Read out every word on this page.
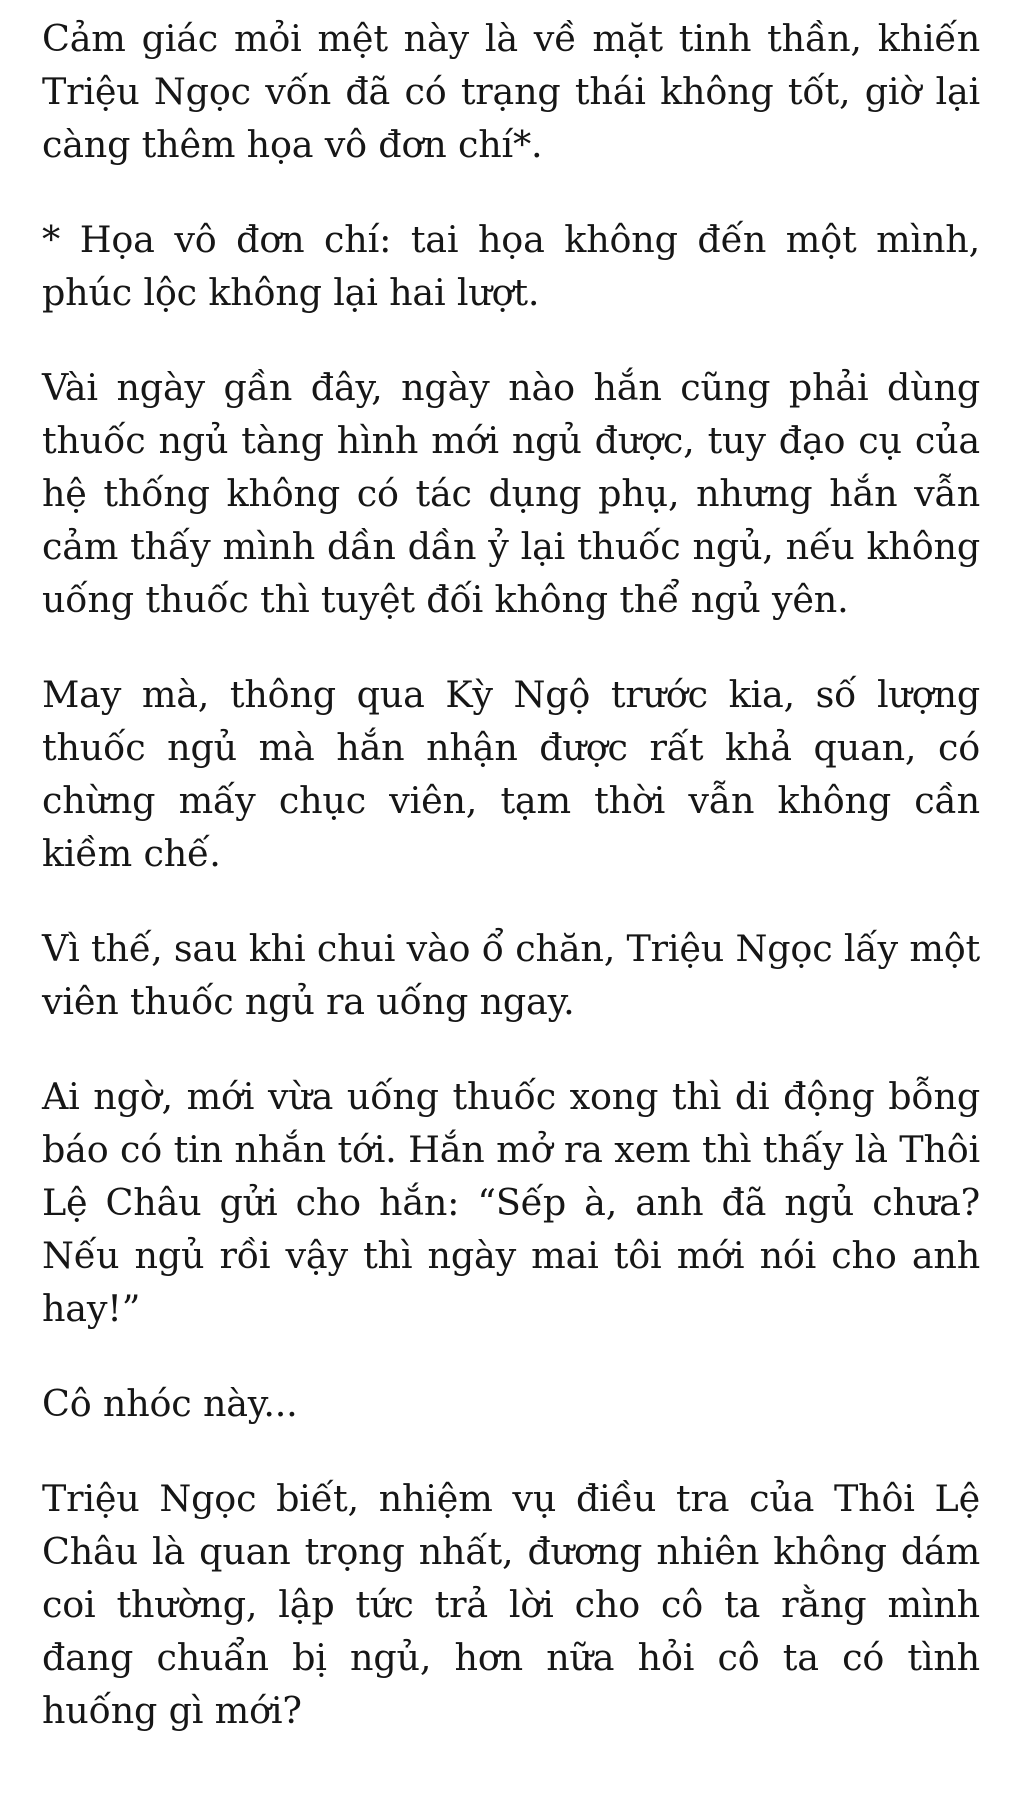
Cảm giác mỏi mệt này là về mặt tinh thần, khiến Triệu Ngọc vốn đã có trạng thái không tốt, giờ lại càng thêm họa vô đơn chí*.

* Họa vô đơn chí: tai họa không đến một mình, phúc lộc không lại hai lượt.

Vài ngày gần đây, ngày nào hắn cũng phải dùng thuốc ngủ tàng hình mới ngủ được, tuy đạo cụ của hệ thống không có tác dụng phụ, nhưng hắn vẫn cảm thấy mình dần dần ỷ lại thuốc ngủ, nếu không uống thuốc thì tuyệt đối không thể ngủ yên.

May mà, thông qua Kỳ Ngộ trước kia, số lượng thuốc ngủ mà hắn nhận được rất khả quan, có chừng mấy chục viên, tạm thời vẫn không cần kiềm chế.

Vì thế, sau khi chui vào ổ chăn, Triệu Ngọc lấy một viên thuốc ngủ ra uống ngay.

Ai ngờ, mới vừa uống thuốc xong thì di động bỗng báo có tin nhắn tới. Hắn mở ra xem thì thấy là Thôi Lệ Châu gửi cho hắn: “Sếp à, anh đã ngủ chưa? Nếu ngủ rồi vậy thì ngày mai tôi mới nói cho anh hay!”

Cô nhóc này...

Triệu Ngọc biết, nhiệm vụ điều tra của Thôi Lệ Châu là quan trọng nhất, đương nhiên không dám coi thường, lập tức trả lời cho cô ta rằng mình đang chuẩn bị ngủ, hơn nữa hỏi cô ta có tình huống gì mới?
